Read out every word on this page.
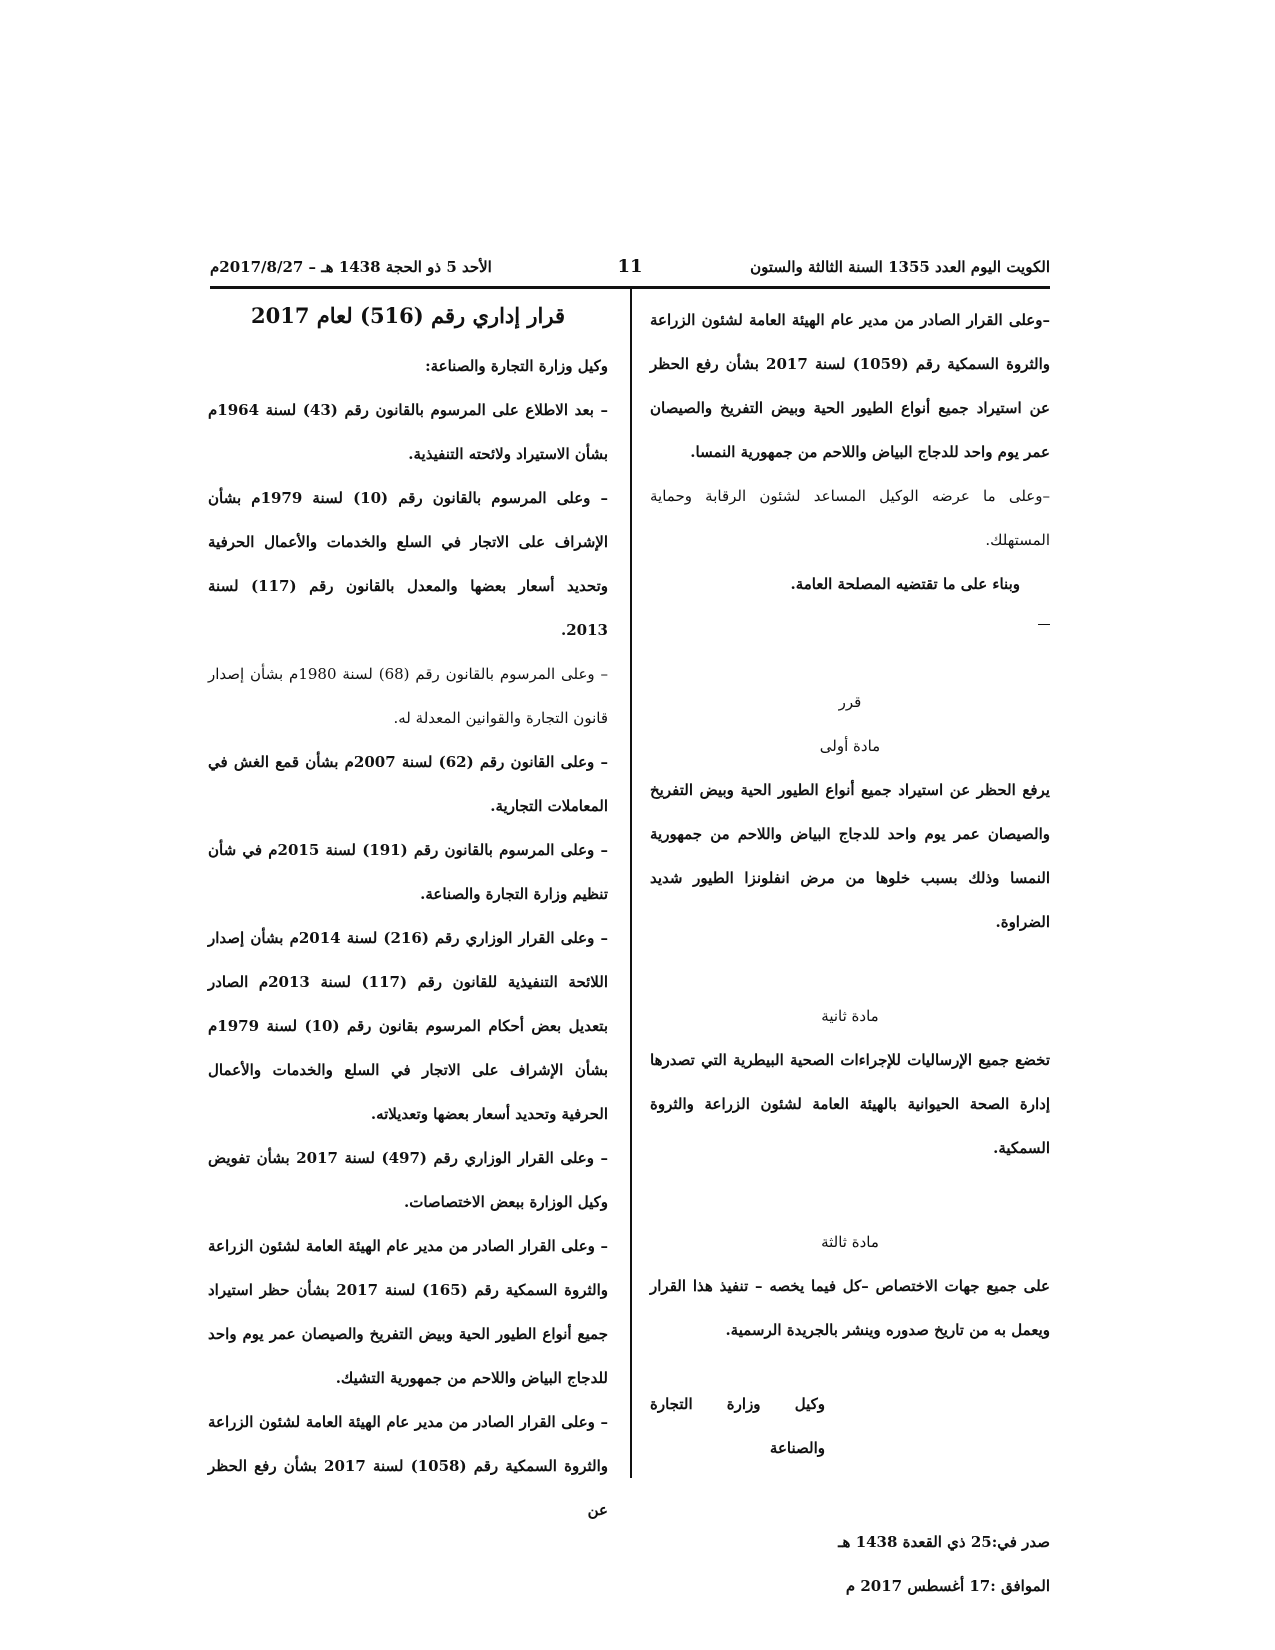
الكويت اليوم العدد 1355 السنة الثالثة والستون
11
الأحد 5 ذو الحجة 1438 هـ – 2017/8/27م

–وعلى القرار الصادر من مدير عام الهيئة العامة لشئون الزراعة والثروة السمكية رقم (1059) لسنة 2017 بشأن رفع الحظر عن استيراد جميع أنواع الطيور الحية وبيض التفريخ والصيصان عمر يوم واحد للدجاج البياض واللاحم من جمهورية النمسا.

–وعلى ما عرضه الوكيل المساعد لشئون الرقابة وحماية المستهلك.

وبناء على ما تقتضيه المصلحة العامة.

قرر

مادة أولى

يرفع الحظر عن استيراد جميع أنواع الطيور الحية وبيض التفريخ والصيصان عمر يوم واحد للدجاج البياض واللاحم من جمهورية النمسا وذلك بسبب خلوها من مرض انفلونزا الطيور شديد الضراوة.

مادة ثانية

تخضع جميع الإرساليات للإجراءات الصحية البيطرية التي تصدرها إدارة الصحة الحيوانية بالهيئة العامة لشئون الزراعة والثروة السمكية.

مادة ثالثة

على جميع جهات الاختصاص –كل فيما يخصه – تنفيذ هذا القرار ويعمل به من تاريخ صدوره وينشر بالجريدة الرسمية.

وكيل وزارة التجارة والصناعة

صدر في:25 ذي القعدة 1438 هـ

الموافق :17 أغسطس 2017 م

قرار إداري رقم (516) لعام 2017

وكيل وزارة التجارة والصناعة:

– بعد الاطلاع على المرسوم بالقانون رقم (43) لسنة 1964م بشأن الاستيراد ولائحته التنفيذية.

– وعلى المرسوم بالقانون رقم (10) لسنة 1979م بشأن الإشراف على الاتجار في السلع والخدمات والأعمال الحرفية وتحديد أسعار بعضها والمعدل بالقانون رقم (117) لسنة 2013.

– وعلى المرسوم بالقانون رقم (68) لسنة 1980م بشأن إصدار قانون التجارة والقوانين المعدلة له.

– وعلى القانون رقم (62) لسنة 2007م بشأن قمع الغش في المعاملات التجارية.

– وعلى المرسوم بالقانون رقم (191) لسنة 2015م في شأن تنظيم وزارة التجارة والصناعة.

– وعلى القرار الوزاري رقم (216) لسنة 2014م بشأن إصدار اللائحة التنفيذية للقانون رقم (117) لسنة 2013م الصادر بتعديل بعض أحكام المرسوم بقانون رقم (10) لسنة 1979م بشأن الإشراف على الاتجار في السلع والخدمات والأعمال الحرفية وتحديد أسعار بعضها وتعديلاته.

– وعلى القرار الوزاري رقم (497) لسنة 2017 بشأن تفويض وكيل الوزارة ببعض الاختصاصات.

– وعلى القرار الصادر من مدير عام الهيئة العامة لشئون الزراعة والثروة السمكية رقم (165) لسنة 2017 بشأن حظر استيراد جميع أنواع الطيور الحية وبيض التفريخ والصيصان عمر يوم واحد للدجاج البياض واللاحم من جمهورية التشيك.

– وعلى القرار الصادر من مدير عام الهيئة العامة لشئون الزراعة والثروة السمكية رقم (1058) لسنة 2017 بشأن رفع الحظر عن
